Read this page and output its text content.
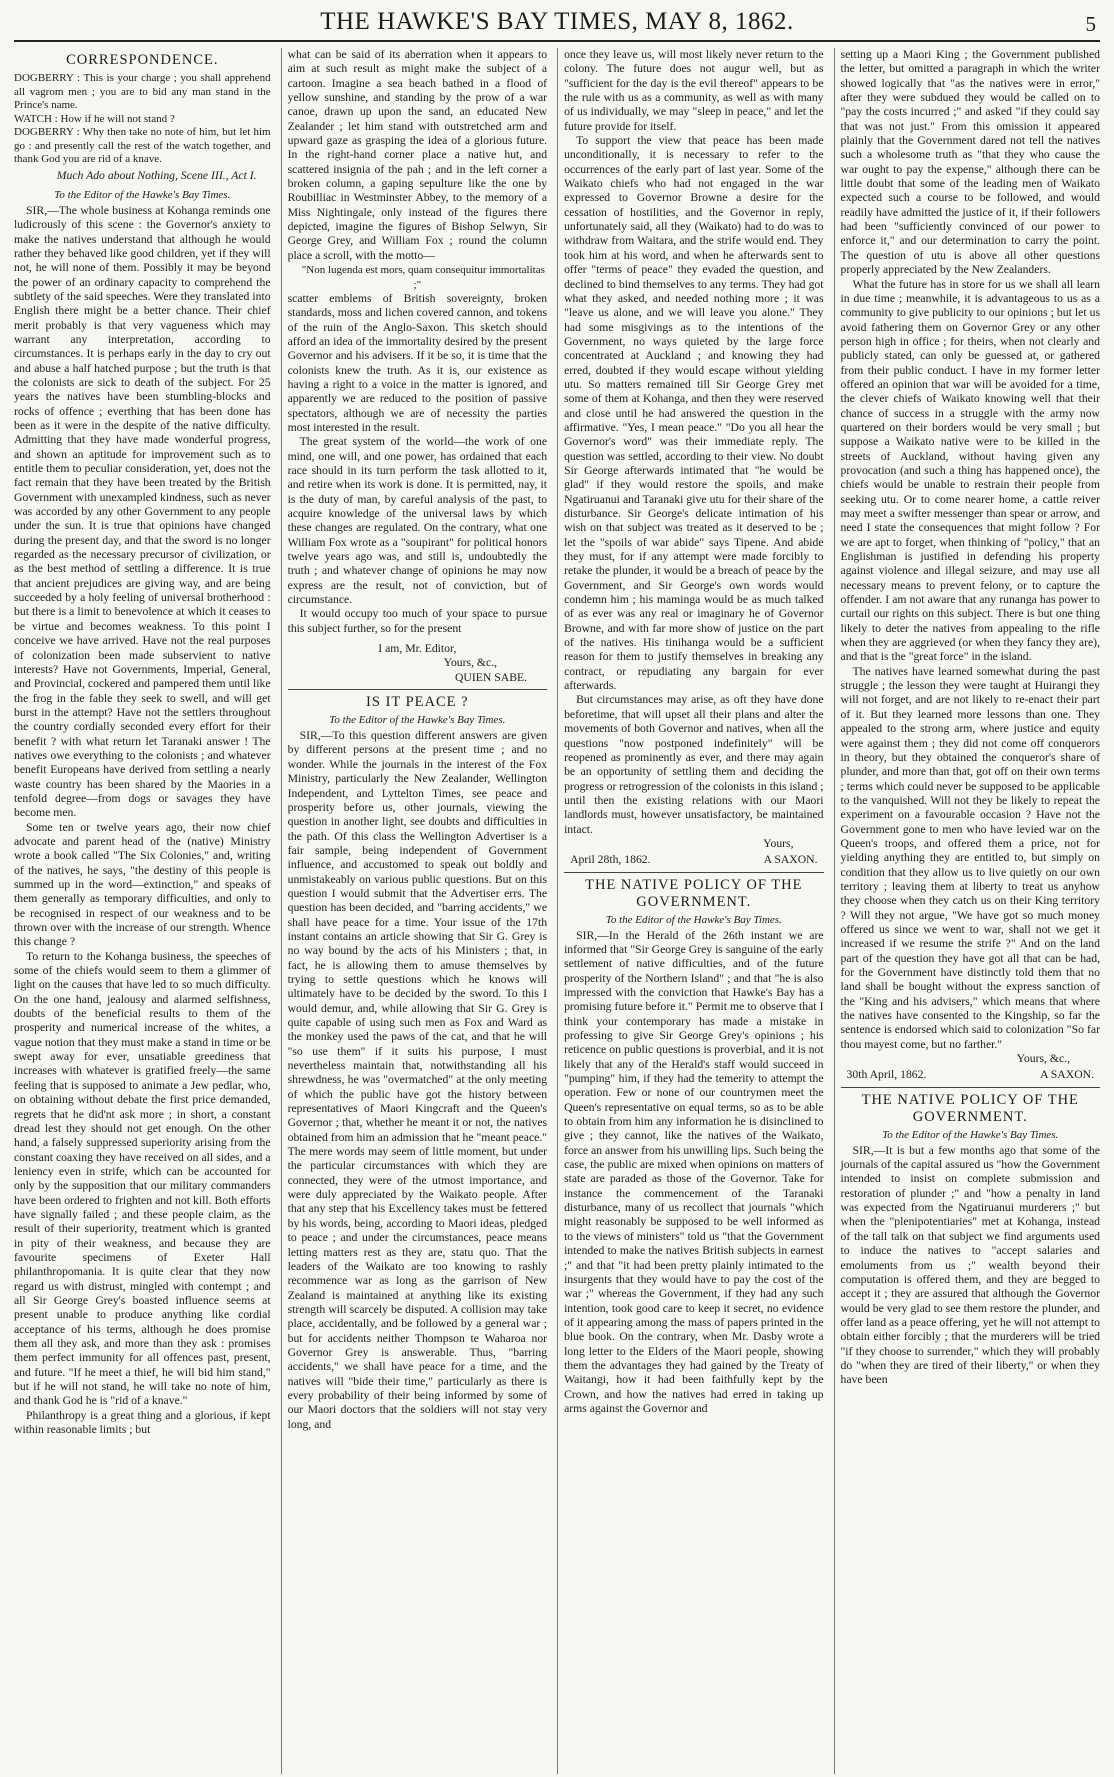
THE HAWKE'S BAY TIMES, MAY 8, 1862.	5
CORRESPONDENCE.

DOGBERRY : This is your charge ; you shall apprehend all vagrom men ; you are to bid any man stand in the Prince's name.

WATCH : How if he will not stand ?

DOGBERRY : Why then take no note of him, but let him go : and presently call the rest of the watch together, and thank God you are rid of a knave.

Much Ado about Nothing, Scene III., Act I.
To the Editor of the Hawke's Bay Times.

SIR,—The whole business at Kohanga reminds one ludicrously of this scene : the Governor's anxiety to make the natives understand that although he would rather they behaved like good children, yet if they will not, he will none of them. Possibly it may be beyond the power of an ordinary capacity to comprehend the subtlety of the said speeches. Were they translated into English there might be a better chance. Their chief merit probably is that very vagueness which may warrant any interpretation, according to circumstances. It is perhaps early in the day to cry out and abuse a half hatched purpose ; but the truth is that the colonists are sick to death of the subject. For 25 years the natives have been stumbling-blocks and rocks of offence ; everthing that has been done has been as it were in the despite of the native difficulty. Admitting that they have made wonderful progress, and shown an aptitude for improvement such as to entitle them to peculiar consideration, yet, does not the fact remain that they have been treated by the British Government with unexampled kindness, such as never was accorded by any other Government to any people under the sun. It is true that opinions have changed during the present day, and that the sword is no longer regarded as the necessary precursor of civilization, or as the best method of settling a difference. It is true that ancient prejudices are giving way, and are being succeeded by a holy feeling of universal brotherhood : but there is a limit to benevolence at which it ceases to be virtue and becomes weakness. To this point I conceive we have arrived. Have not the real purposes of colonization been made subservient to native interests? Have not Governments, Imperial, General, and Provincial, cockered and pampered them until like the frog in the fable they seek to swell, and will get burst in the attempt? Have not the settlers throughout the country cordially seconded every effort for their benefit ? with what return let Taranaki answer ! The natives owe everything to the colonists ; and whatever benefit Europeans have derived from settling a nearly waste country has been shared by the Maories in a tenfold degree—from dogs or savages they have become men.

Some ten or twelve years ago, their now chief advocate and parent head of the (native) Ministry wrote a book called "The Six Colonies," and, writing of the natives, he says, "the destiny of this people is summed up in the word—extinction," and speaks of them generally as temporary difficulties, and only to be recognised in respect of our weakness and to be thrown over with the increase of our strength. Whence this change ?

To return to the Kohanga business, the speeches of some of the chiefs would seem to them a glimmer of light on the causes that have led to so much difficulty. On the one hand, jealousy and alarmed selfishness, doubts of the beneficial results to them of the prosperity and numerical increase of the whites, a vague notion that they must make a stand in time or be swept away for ever, unsatiable greediness that increases with whatever is gratified freely—the same feeling that is supposed to animate a Jew pedlar, who, on obtaining without debate the first price demanded, regrets that he did'nt ask more ; in short, a constant dread lest they should not get enough. On the other hand, a falsely suppressed superiority arising from the constant coaxing they have received on all sides, and a leniency even in strife, which can be accounted for only by the supposition that our military commanders have been ordered to frighten and not kill. Both efforts have signally failed ; and these people claim, as the result of their superiority, treatment which is granted in pity of their weakness, and because they are favourite specimens of Exeter Hall philanthropomania. It is quite clear that they now regard us with distrust, mingled with contempt ; and all Sir George Grey's boasted influence seems at present unable to produce anything like cordial acceptance of his terms, although he does promise them all they ask, and more than they ask : promises them perfect immunity for all offences past, present, and future. "If he meet a thief, he will bid him stand," but if he will not stand, he will take no note of him, and thank God he is "rid of a knave."

Philanthropy is a great thing and a glorious, if kept within reasonable limits ; but

what can be said of its aberration when it appears to aim at such result as might make the subject of a cartoon. Imagine a sea beach bathed in a flood of yellow sunshine, and standing by the prow of a war canoe, drawn up upon the sand, an educated New Zealander ; let him stand with outstretched arm and upward gaze as grasping the idea of a glorious future. In the right-hand corner place a native hut, and scattered insignia of the pah ; and in the left corner a broken column, a gaping sepulture like the one by Roubilliac in Westminster Abbey, to the memory of a Miss Nightingale, only instead of the figures there depicted, imagine the figures of Bishop Selwyn, Sir George Grey, and William Fox ; round the column place a scroll, with the motto—

"Non lugenda est mors, quam consequitur immortalitas ;"

scatter emblems of British sovereignty, broken standards, moss and lichen covered cannon, and tokens of the ruin of the Anglo-Saxon. This sketch should afford an idea of the immortality desired by the present Governor and his advisers. If it be so, it is time that the colonists knew the truth. As it is, our existence as having a right to a voice in the matter is ignored, and apparently we are reduced to the position of passive spectators, although we are of necessity the parties most interested in the result.

The great system of the world—the work of one mind, one will, and one power, has ordained that each race should in its turn perform the task allotted to it, and retire when its work is done. It is permitted, nay, it is the duty of man, by careful analysis of the past, to acquire knowledge of the universal laws by which these changes are regulated. On the contrary, what one William Fox wrote as a "soupirant" for political honors twelve years ago was, and still is, undoubtedly the truth ; and whatever change of opinions he may now express are the result, not of conviction, but of circumstance.

It would occupy too much of your space to pursue this subject further, so for the present

I am, Mr. Editor,
Yours, &c.,
QUIEN SABE.
IS IT PEACE ?
To the Editor of the Hawke's Bay Times.

SIR,—To this question different answers are given by different persons at the present time ; and no wonder. While the journals in the interest of the Fox Ministry, particularly the New Zealander, Wellington Independent, and Lyttelton Times, see peace and prosperity before us, other journals, viewing the question in another light, see doubts and difficulties in the path. Of this class the Wellington Advertiser is a fair sample, being independent of Government influence, and accustomed to speak out boldly and unmistakeably on various public questions. But on this question I would submit that the Advertiser errs. The question has been decided, and "barring accidents," we shall have peace for a time. Your issue of the 17th instant contains an article showing that Sir G. Grey is no way bound by the acts of his Ministers ; that, in fact, he is allowing them to amuse themselves by trying to settle questions which he knows will ultimately have to be decided by the sword. To this I would demur, and, while allowing that Sir G. Grey is quite capable of using such men as Fox and Ward as the monkey used the paws of the cat, and that he will "so use them" if it suits his purpose, I must nevertheless maintain that, notwithstanding all his shrewdness, he was "overmatched" at the only meeting of which the public have got the history between representatives of Maori Kingcraft and the Queen's Governor ; that, whether he meant it or not, the natives obtained from him an admission that he "meant peace." The mere words may seem of little moment, but under the particular circumstances with which they are connected, they were of the utmost importance, and were duly appreciated by the Waikato people. After that any step that his Excellency takes must be fettered by his words, being, according to Maori ideas, pledged to peace ; and under the circumstances, peace means letting matters rest as they are, statu quo. That the leaders of the Waikato are too knowing to rashly recommence war as long as the garrison of New Zealand is maintained at anything like its existing strength will scarcely be disputed. A collision may take place, accidentally, and be followed by a general war ; but for accidents neither Thompson te Waharoa nor Governor Grey is answerable. Thus, "barring accidents," we shall have peace for a time, and the natives will "bide their time," particularly as there is every probability of their being informed by some of our Maori doctors that the soldiers will not stay very long, and

once they leave us, will most likely never return to the colony. The future does not augur well, but as "sufficient for the day is the evil thereof" appears to be the rule with us as a community, as well as with many of us individually, we may "sleep in peace," and let the future provide for itself.

To support the view that peace has been made unconditionally, it is necessary to refer to the occurrences of the early part of last year. Some of the Waikato chiefs who had not engaged in the war expressed to Governor Browne a desire for the cessation of hostilities, and the Governor in reply, unfortunately said, all they (Waikato) had to do was to withdraw from Waitara, and the strife would end. They took him at his word, and when he afterwards sent to offer "terms of peace" they evaded the question, and declined to bind themselves to any terms. They had got what they asked, and needed nothing more ; it was "leave us alone, and we will leave you alone." They had some misgivings as to the intentions of the Government, no ways quieted by the large force concentrated at Auckland ; and knowing they had erred, doubted if they would escape without yielding utu. So matters remained till Sir George Grey met some of them at Kohanga, and then they were reserved and close until he had answered the question in the affirmative. "Yes, I mean peace." "Do you all hear the Governor's word" was their immediate reply. The question was settled, according to their view. No doubt Sir George afterwards intimated that "he would be glad" if they would restore the spoils, and make Ngatiruanui and Taranaki give utu for their share of the disturbance. Sir George's delicate intimation of his wish on that subject was treated as it deserved to be ; let the "spoils of war abide" says Tipene. And abide they must, for if any attempt were made forcibly to retake the plunder, it would be a breach of peace by the Government, and Sir George's own words would condemn him ; his maminga would be as much talked of as ever was any real or imaginary he of Governor Browne, and with far more show of justice on the part of the natives. His tinihanga would be a sufficient reason for them to justify themselves in breaking any contract, or repudiating any bargain for ever afterwards.

But circumstances may arise, as oft they have done beforetime, that will upset all their plans and alter the movements of both Governor and natives, when all the questions "now postponed indefinitely" will be reopened as prominently as ever, and there may again be an opportunity of settling them and deciding the progress or retrogression of the colonists in this island ; until then the existing relations with our Maori landlords must, however unsatisfactory, be maintained intact.

Yours,
April 28th, 1862.	A SAXON.
THE NATIVE POLICY OF THE GOVERNMENT.
To the Editor of the Hawke's Bay Times.

SIR,—In the Herald of the 26th instant we are informed that "Sir George Grey is sanguine of the early settlement of native difficulties, and of the future prosperity of the Northern Island" ; and that "he is also impressed with the conviction that Hawke's Bay has a promising future before it." Permit me to observe that I think your contemporary has made a mistake in professing to give Sir George Grey's opinions ; his reticence on public questions is proverbial, and it is not likely that any of the Herald's staff would succeed in "pumping" him, if they had the temerity to attempt the operation. Few or none of our countrymen meet the Queen's representative on equal terms, so as to be able to obtain from him any information he is disinclined to give ; they cannot, like the natives of the Waikato, force an answer from his unwilling lips. Such being the case, the public are mixed when opinions on matters of state are paraded as those of the Governor. Take for instance the commencement of the Taranaki disturbance, many of us recollect that journals "which might reasonably be supposed to be well informed as to the views of ministers" told us "that the Government intended to make the natives British subjects in earnest ;" and that "it had been pretty plainly intimated to the insurgents that they would have to pay the cost of the war ;" whereas the Government, if they had any such intention, took good care to keep it secret, no evidence of it appearing among the mass of papers printed in the blue book. On the contrary, when Mr. Dasby wrote a long letter to the Elders of the Maori people, showing them the advantages they had gained by the Treaty of Waitangi, how it had been faithfully kept by the Crown, and how the natives had erred in taking up arms against the Governor and

setting up a Maori King ; the Government published the letter, but omitted a paragraph in which the writer showed logically that "as the natives were in error," after they were subdued they would be called on to "pay the costs incurred ;" and asked "if they could say that was not just." From this omission it appeared plainly that the Government dared not tell the natives such a wholesome truth as "that they who cause the war ought to pay the expense," although there can be little doubt that some of the leading men of Waikato expected such a course to be followed, and would readily have admitted the justice of it, if their followers had been "sufficiently convinced of our power to enforce it," and our determination to carry the point. The question of utu is above all other questions properly appreciated by the New Zealanders.

What the future has in store for us we shall all learn in due time ; meanwhile, it is advantageous to us as a community to give publicity to our opinions ; but let us avoid fathering them on Governor Grey or any other person high in office ; for theirs, when not clearly and publicly stated, can only be guessed at, or gathered from their public conduct. I have in my former letter offered an opinion that war will be avoided for a time, the clever chiefs of Waikato knowing well that their chance of success in a struggle with the army now quartered on their borders would be very small ; but suppose a Waikato native were to be killed in the streets of Auckland, without having given any provocation (and such a thing has happened once), the chiefs would be unable to restrain their people from seeking utu. Or to come nearer home, a cattle reiver may meet a swifter messenger than spear or arrow, and need I state the consequences that might follow ? For we are apt to forget, when thinking of "policy," that an Englishman is justified in defending his property against violence and illegal seizure, and may use all necessary means to prevent felony, or to capture the offender. I am not aware that any runanga has power to curtail our rights on this subject. There is but one thing likely to deter the natives from appealing to the rifle when they are aggrieved (or when they fancy they are), and that is the "great force" in the island.

The natives have learned somewhat during the past struggle ; the lesson they were taught at Huirangi they will not forget, and are not likely to re-enact their part of it. But they learned more lessons than one. They appealed to the strong arm, where justice and equity were against them ; they did not come off conquerors in theory, but they obtained the conqueror's share of plunder, and more than that, got off on their own terms ; terms which could never be supposed to be applicable to the vanquished. Will not they be likely to repeat the experiment on a favourable occasion ? Have not the Government gone to men who have levied war on the Queen's troops, and offered them a price, not for yielding anything they are entitled to, but simply on condition that they allow us to live quietly on our own territory ; leaving them at liberty to treat us anyhow they choose when they catch us on their King territory ? Will they not argue, "We have got so much money offered us since we went to war, shall not we get it increased if we resume the strife ?" And on the land part of the question they have got all that can be had, for the Government have distinctly told them that no land shall be bought without the express sanction of the "King and his advisers," which means that where the natives have consented to the Kingship, so far the sentence is endorsed which said to colonization "So far thou mayest come, but no farther."

Yours, &c.,
30th April, 1862.	A SAXON.
THE NATIVE POLICY OF THE GOVERNMENT.
To the Editor of the Hawke's Bay Times.

SIR,—It is but a few months ago that some of the journals of the capital assured us "how the Government intended to insist on complete submission and restoration of plunder ;" and "how a penalty in land was expected from the Ngatiruanui murderers ;" but when the "plenipotentiaries" met at Kohanga, instead of the tall talk on that subject we find arguments used to induce the natives to "accept salaries and emoluments from us ;" wealth beyond their computation is offered them, and they are begged to accept it ; they are assured that although the Governor would be very glad to see them restore the plunder, and offer land as a peace offering, yet he will not attempt to obtain either forcibly ; that the murderers will be tried "if they choose to surrender," which they will probably do "when they are tired of their liberty," or when they have been
